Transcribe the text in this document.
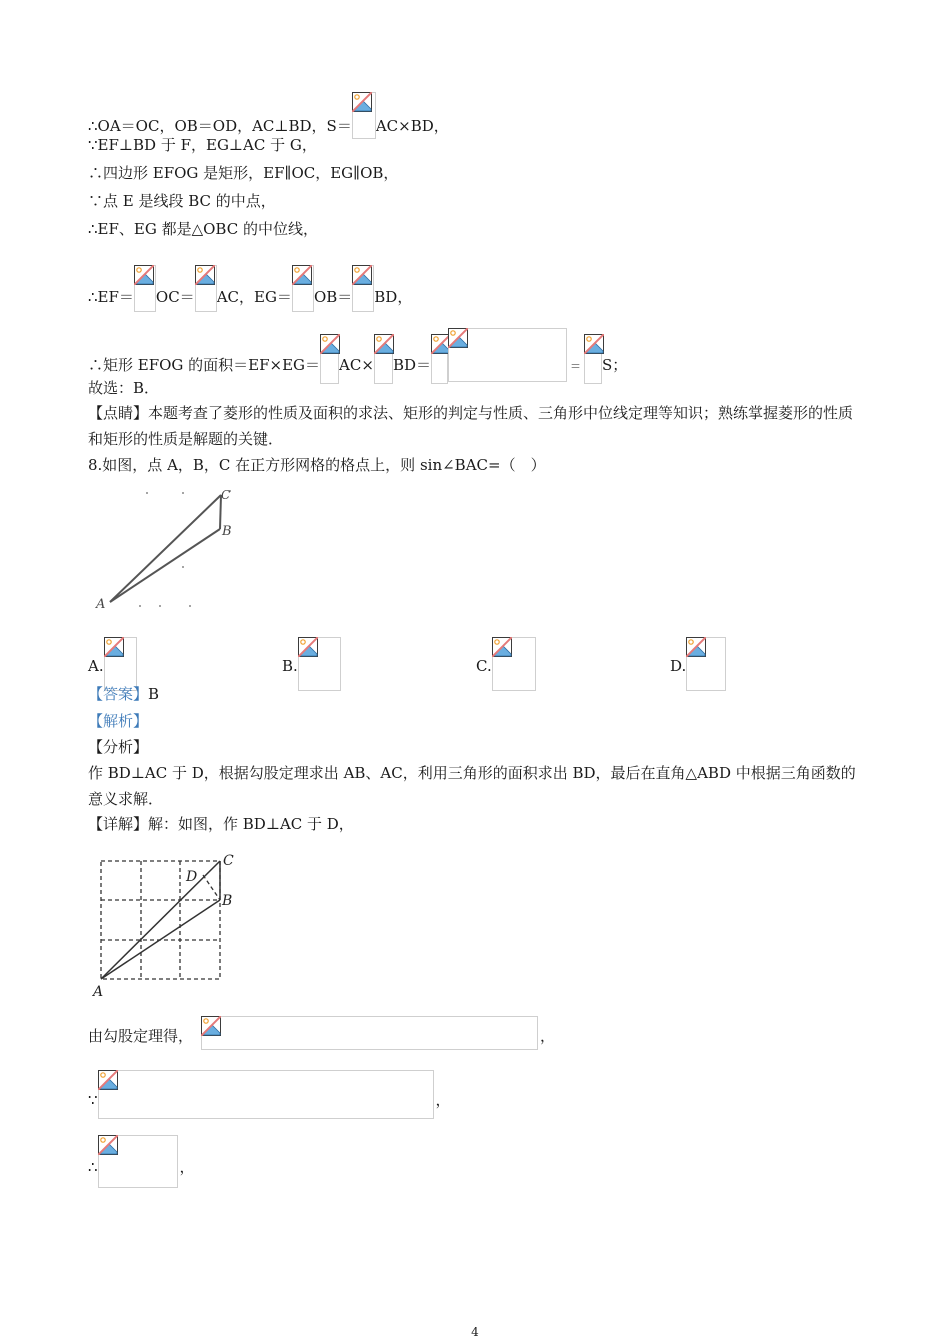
∴OA＝OC，OB＝OD，AC⊥BD，S＝ AC×BD，
∵EF⊥BD 于 F，EG⊥AC 于 G，
∴四边形 EFOG 是矩形，EF∥OC，EG∥OB，
∵点 E 是线段 BC 的中点，
∴EF、EG 都是△OBC 的中位线，
∴EF＝ OC＝ AC，EG＝ OB＝ BD，
∴矩形 EFOG 的面积＝EF×EG＝ AC× BD＝	＝ S；
故选：B．
【点睛】本题考查了菱形的性质及面积的求法、矩形的判定与性质、三角形中位线定理等知识；熟练掌握菱形的性质和矩形的性质是解题的关键．
8.如图，点 A，B，C 在正方形网格的格点上，则 sin∠BAC=（　）
A
B
C
A.	B.	C.	D.
【答案】B
【解析】
【分析】
作 BD⊥AC 于 D，根据勾股定理求出 AB、AC，利用三角形的面积求出 BD，最后在直角△ABD 中根据三角函数的意义求解．
【详解】解：如图，作 BD⊥AC 于 D，
A
B
C
D
由勾股定理得，	，
∵	，
∴	，
4
